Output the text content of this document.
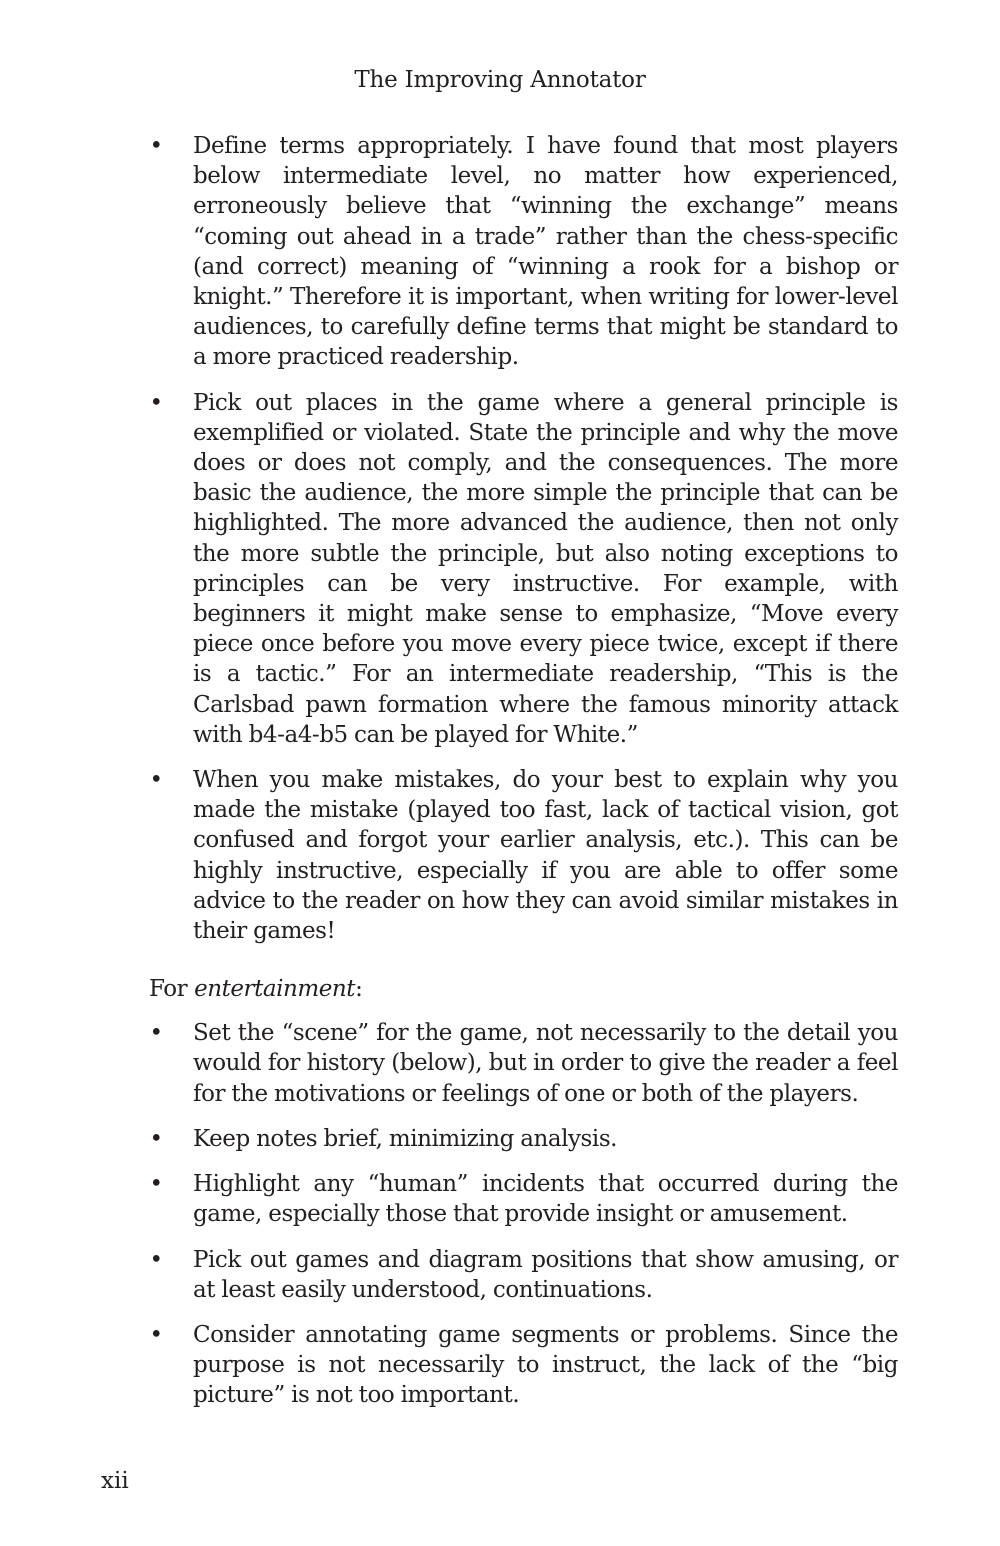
The Improving Annotator
• Define terms appropriately. I have found that most players below intermediate level, no matter how experienced, erroneously believe that “winning the exchange” means “coming out ahead in a trade” rather than the chess-specific (and correct) meaning of “winning a rook for a bishop or knight.” Therefore it is important, when writing for lower-level audiences, to carefully define terms that might be standard to a more practiced readership.
• Pick out places in the game where a general principle is exemplified or violated. State the principle and why the move does or does not comply, and the consequences. The more basic the audience, the more simple the principle that can be highlighted. The more advanced the audience, then not only the more subtle the principle, but also noting exceptions to principles can be very instructive. For example, with beginners it might make sense to emphasize, “Move every piece once before you move every piece twice, except if there is a tactic.” For an intermediate readership, “This is the Carlsbad pawn formation where the famous minority attack with b4-a4-b5 can be played for White.”
• When you make mistakes, do your best to explain why you made the mistake (played too fast, lack of tactical vision, got confused and forgot your earlier analysis, etc.). This can be highly instructive, especially if you are able to offer some advice to the reader on how they can avoid similar mistakes in their games!

For entertainment:

• Set the “scene” for the game, not necessarily to the detail you would for history (below), but in order to give the reader a feel for the motivations or feelings of one or both of the players.
• Keep notes brief, minimizing analysis.
• Highlight any “human” incidents that occurred during the game, especially those that provide insight or amusement.
• Pick out games and diagram positions that show amusing, or at least easily understood, continuations.
• Consider annotating game segments or problems. Since the purpose is not necessarily to instruct, the lack of the “big picture” is not too important.
xii
